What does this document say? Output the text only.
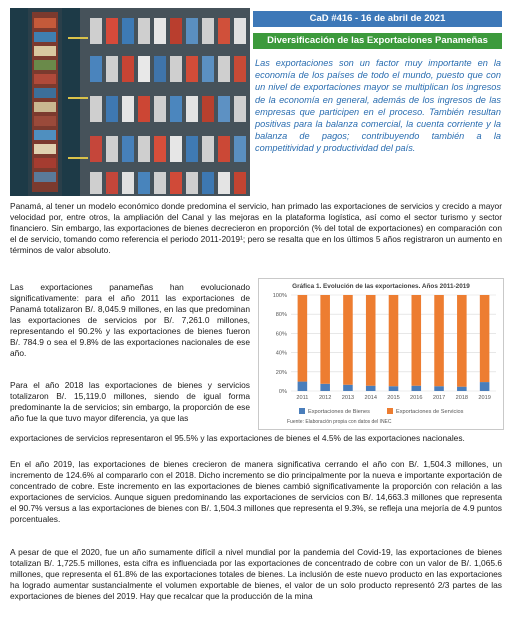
CaD #416 - 16 de abril de 2021
Diversificación de las Exportaciones Panameñas

Las exportaciones son un factor muy importante en la economía de los países de todo el mundo, puesto que con un nivel de exportaciones mayor se multiplican los ingresos de la economía en general, además de los ingresos de las empresas que participen en el proceso. También resultan positivas para la balanza comercial, la cuenta corriente y la balanza de pagos; contribuyendo también a la competitividad y productividad del país.

Panamá, al tener un modelo económico donde predomina el servicio, han primado las exportaciones de servicios y crecido a mayor velocidad por, entre otros, la ampliación del Canal y las mejoras en la plataforma logística, así como el sector turismo y sector financiero. Sin embargo, las exportaciones de bienes decrecieron en proporción (% del total de exportaciones) en comparación con el de servicio, tomando como referencia el periodo 2011-2019¹; pero se resalta que en los últimos 5 años registraron un aumento en términos de valor absoluto.

Las exportaciones panameñas han evolucionado significativamente: para el año 2011 las exportaciones de Panamá totalizaron B/. 8,045.9 millones, en las que predominan las exportaciones de servicios por B/. 7,261.0 millones, representando el 90.2% y las exportaciones de bienes fueron B/. 784.9 o sea el 9.8% de las exportaciones nacionales de ese año.

Para el año 2018 las exportaciones de bienes y servicios totalizaron B/. 15,119.0 millones, siendo de igual forma predominante la de servicios; sin embargo, la proporción de ese año fue la que tuvo mayor diferencia, ya que las

exportaciones de servicios representaron el 95.5% y las exportaciones de bienes el 4.5% de las exportaciones nacionales.

En el año 2019, las exportaciones de bienes crecieron de manera significativa cerrando el año con B/. 1,504.3 millones, un incremento de 124.6% al compararlo con el 2018. Dicho incremento se dio principalmente por la nueva e importante exportación de concentrado de cobre. Este incremento en las exportaciones de bienes cambió significativamente la proporción con relación a las exportaciones de servicios. Aunque siguen predominando las exportaciones de servicios con B/. 14,663.3 millones que representa el 90.7% versus a las exportaciones de bienes con B/. 1,504.3 millones que representa el 9.3%, se refleja una mejoría de 4.9 puntos porcentuales.

A pesar de que el 2020, fue un año sumamente difícil a nivel mundial por la pandemia del Covid-19, las exportaciones de bienes totalizan B/. 1,725.5 millones, esta cifra es influenciada por las exportaciones de concentrado de cobre con un valor de B/. 1,065.6 millones, que representa el 61.8% de las exportaciones totales de bienes. La inclusión de este nuevo producto en las exportaciones ha logrado aumentar sustancialmente el volumen exportable de bienes, el valor de un solo producto representó 2/3 partes de las exportaciones de bienes del 2019. Hay que recalcar que la producción de la mina

Gráfica 1. Evolución de las exportaciones. Años 2011-2019
0%
20%
40%
60%
80%
100%
2011 2012 2013 2014 2015 2016 2017 2018 2019
Exportaciones de Bienes	Exportaciones de Servicios
Fuente: Elaboración propia con datos del INEC
